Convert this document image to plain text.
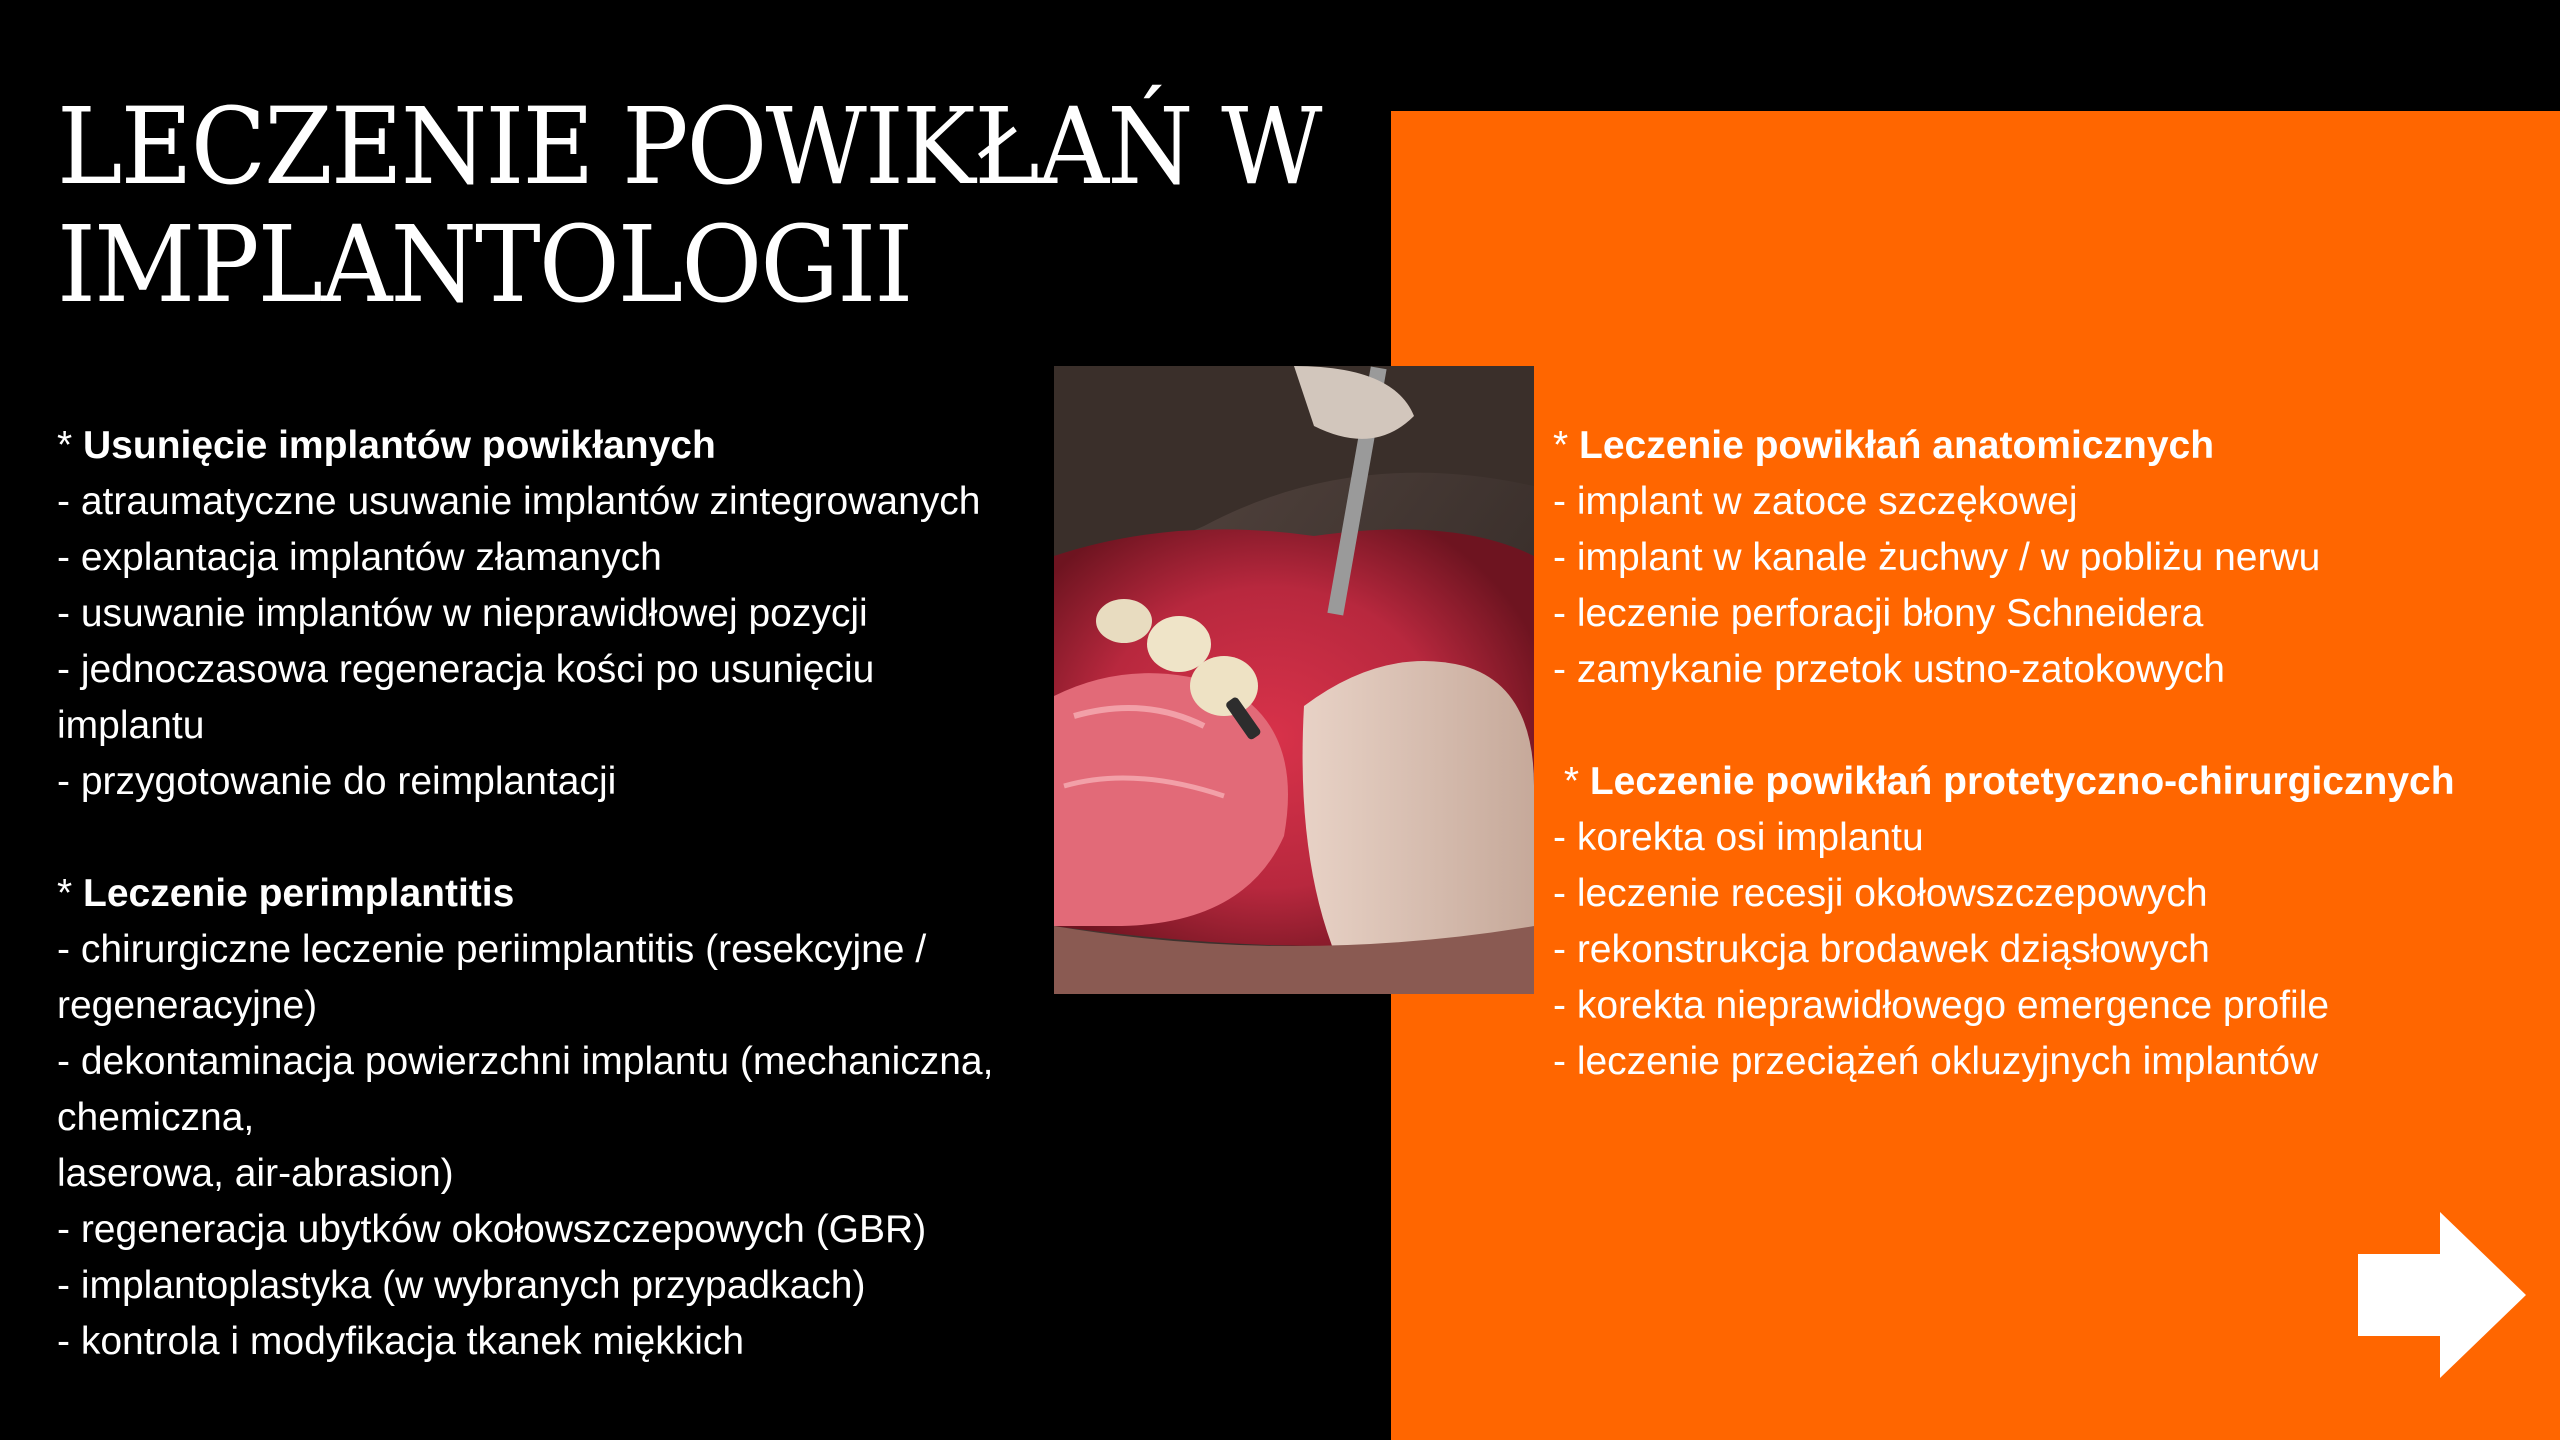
LECZENIE POWIKŁAŃ W
IMPLANTOLOGII
* Usunięcie implantów powikłanych
- atraumatyczne usuwanie implantów zintegrowanych
- explantacja implantów złamanych
- usuwanie implantów w nieprawidłowej pozycji
- jednoczasowa regeneracja kości po usunięciu implantu
- przygotowanie do reimplantacji
* Leczenie perimplantitis
- chirurgiczne leczenie periimplantitis (resekcyjne / regeneracyjne)
- dekontaminacja powierzchni implantu (mechaniczna, chemiczna,
laserowa, air-abrasion)
- regeneracja ubytków okołowszczepowych (GBR)
- implantoplastyka (w wybranych przypadkach)
- kontrola i modyfikacja tkanek miękkich
* Leczenie powikłań anatomicznych
- implant w zatoce szczękowej
- implant w kanale żuchwy / w pobliżu nerwu
- leczenie perforacji błony Schneidera
- zamykanie przetok ustno-zatokowych
* Leczenie powikłań protetyczno-chirurgicznych
- korekta osi implantu
- leczenie recesji okołowszczepowych
- rekonstrukcja brodawek dziąsłowych
- korekta nieprawidłowego emergence profile
- leczenie przeciążeń okluzyjnych implantów
